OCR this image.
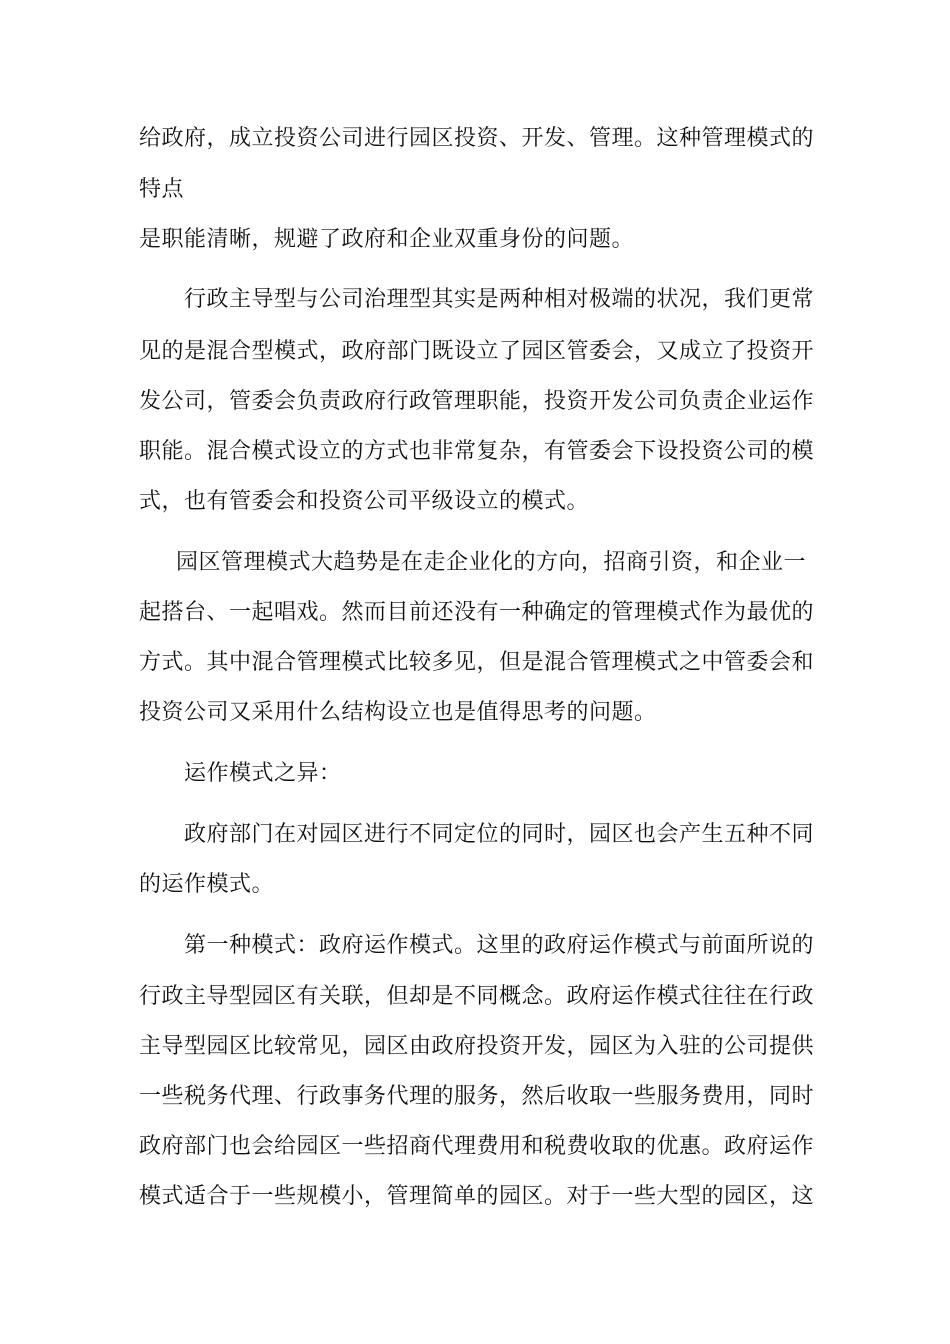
给政府，成立投资公司进行园区投资、开发、管理。这种管理模式的
特点
是职能清晰，规避了政府和企业双重身份的问题。
行政主导型与公司治理型其实是两种相对极端的状况，我们更常
见的是混合型模式，政府部门既设立了园区管委会，又成立了投资开
发公司，管委会负责政府行政管理职能，投资开发公司负责企业运作
职能。混合模式设立的方式也非常复杂，有管委会下设投资公司的模
式，也有管委会和投资公司平级设立的模式。
园区管理模式大趋势是在走企业化的方向，招商引资，和企业一
起搭台、一起唱戏。然而目前还没有一种确定的管理模式作为最优的
方式。其中混合管理模式比较多见，但是混合管理模式之中管委会和
投资公司又采用什么结构设立也是值得思考的问题。
运作模式之异：
政府部门在对园区进行不同定位的同时，园区也会产生五种不同
的运作模式。
第一种模式：政府运作模式。这里的政府运作模式与前面所说的
行政主导型园区有关联，但却是不同概念。政府运作模式往往在行政
主导型园区比较常见，园区由政府投资开发，园区为入驻的公司提供
一些税务代理、行政事务代理的服务，然后收取一些服务费用，同时
政府部门也会给园区一些招商代理费用和税费收取的优惠。政府运作
模式适合于一些规模小，管理简单的园区。对于一些大型的园区，这
